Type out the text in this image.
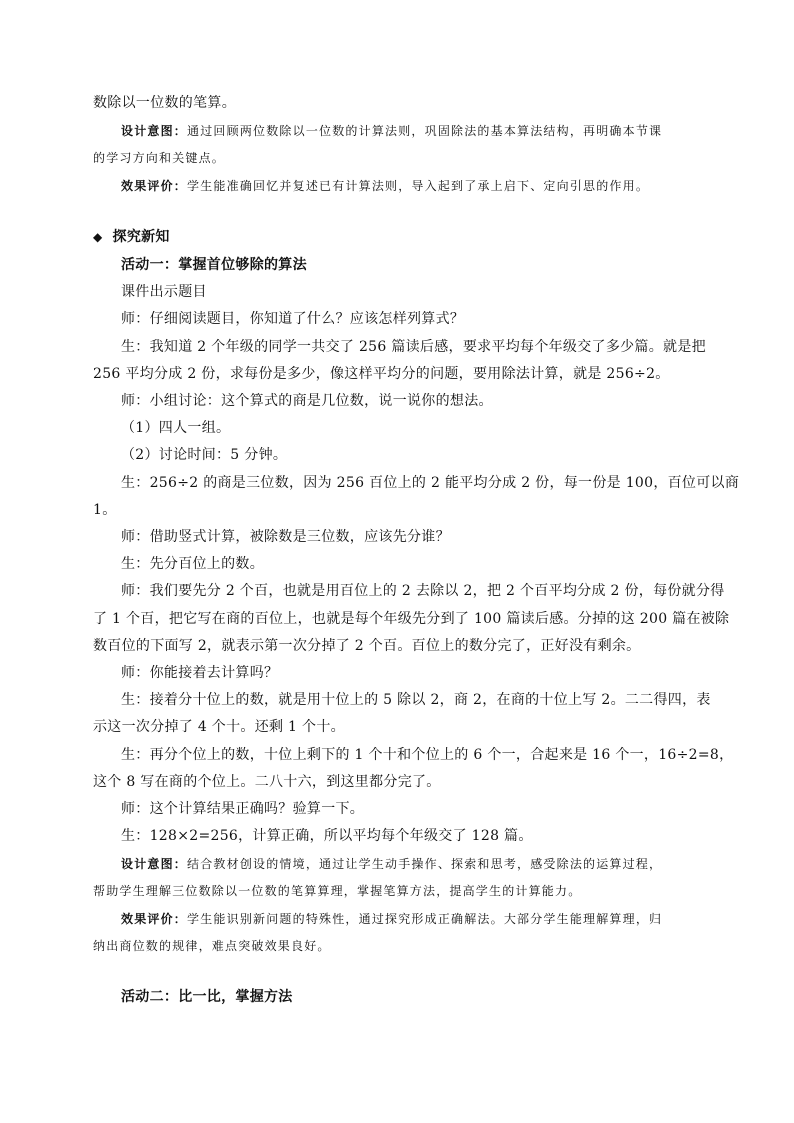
数除以一位数的笔算。
设计意图：通过回顾两位数除以一位数的计算法则，巩固除法的基本算法结构，再明确本节课
的学习方向和关键点。
效果评价：学生能准确回忆并复述已有计算法则，导入起到了承上启下、定向引思的作用。
◆ 探究新知
活动一：掌握首位够除的算法
课件出示题目
师：仔细阅读题目，你知道了什么？应该怎样列算式？
生：我知道 2 个年级的同学一共交了 256 篇读后感，要求平均每个年级交了多少篇。就是把
256 平均分成 2 份，求每份是多少，像这样平均分的问题，要用除法计算，就是 256÷2。
师：小组讨论：这个算式的商是几位数，说一说你的想法。
（1）四人一组。
（2）讨论时间：5 分钟。
生：256÷2 的商是三位数，因为 256 百位上的 2 能平均分成 2 份，每一份是 100，百位可以商
1。
师：借助竖式计算，被除数是三位数，应该先分谁？
生：先分百位上的数。
师：我们要先分 2 个百，也就是用百位上的 2 去除以 2，把 2 个百平均分成 2 份，每份就分得
了 1 个百，把它写在商的百位上，也就是每个年级先分到了 100 篇读后感。分掉的这 200 篇在被除
数百位的下面写 2，就表示第一次分掉了 2 个百。百位上的数分完了，正好没有剩余。
师：你能接着去计算吗？
生：接着分十位上的数，就是用十位上的 5 除以 2，商 2，在商的十位上写 2。二二得四，表
示这一次分掉了 4 个十。还剩 1 个十。
生：再分个位上的数，十位上剩下的 1 个十和个位上的 6 个一，合起来是 16 个一，16÷2=8，
这个 8 写在商的个位上。二八十六，到这里都分完了。
师：这个计算结果正确吗？验算一下。
生：128×2=256，计算正确，所以平均每个年级交了 128 篇。
设计意图：结合教材创设的情境，通过让学生动手操作、探索和思考，感受除法的运算过程，
帮助学生理解三位数除以一位数的笔算算理，掌握笔算方法，提高学生的计算能力。
效果评价：学生能识别新问题的特殊性，通过探究形成正确解法。大部分学生能理解算理，归
纳出商位数的规律，难点突破效果良好。
活动二：比一比，掌握方法
